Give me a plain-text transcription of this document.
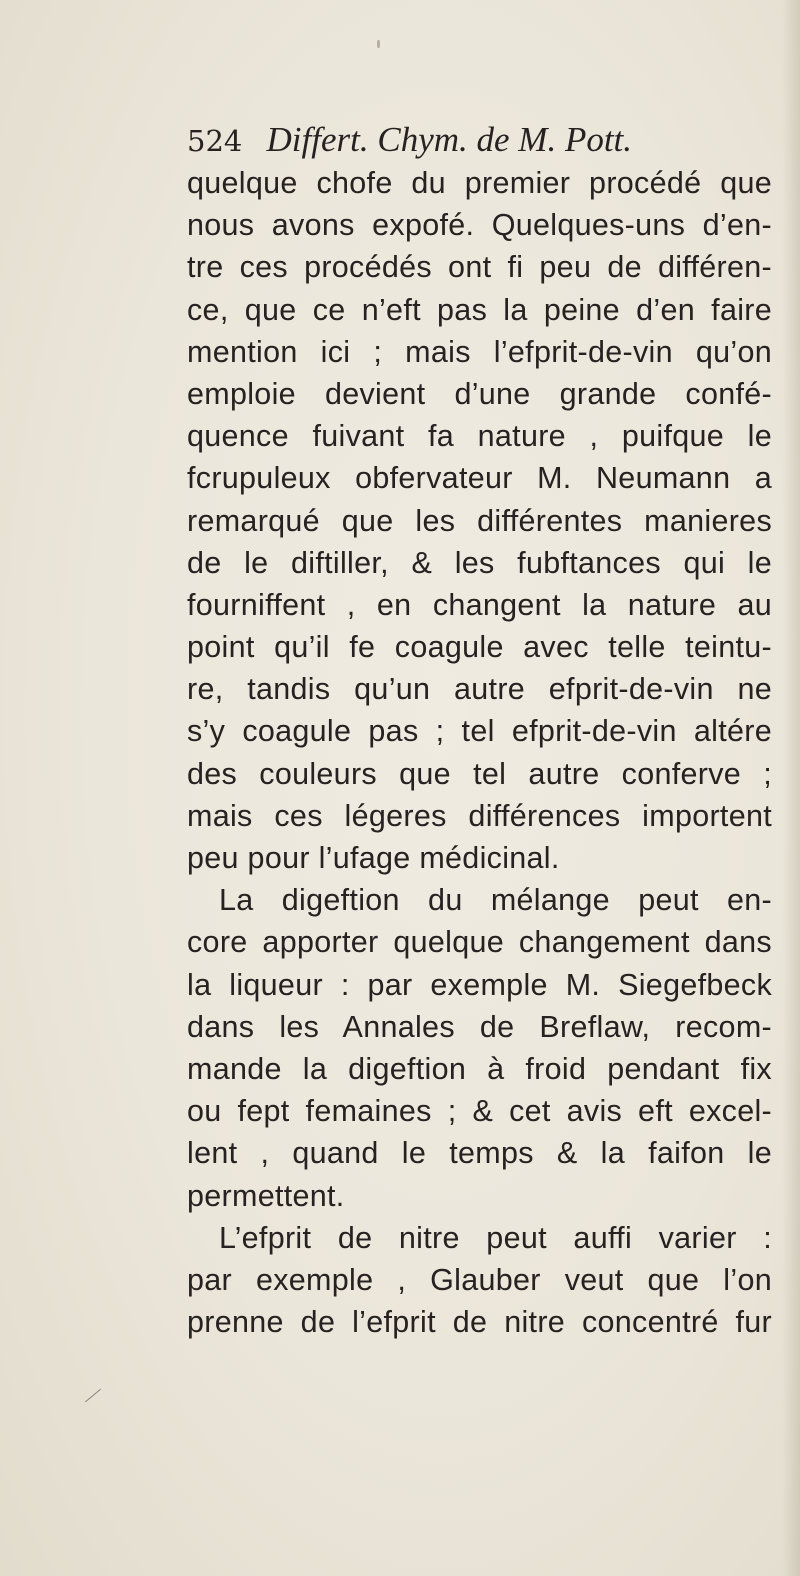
524 Differt. Chym. de M. Pott.
quelque chofe du premier procédé que
nous avons expofé. Quelques-uns d’en-
tre ces procédés ont fi peu de différen-
ce, que ce n’eft pas la peine d’en faire
mention ici ; mais l’efprit-de-vin qu’on
emploie devient d’une grande confé-
quence fuivant fa nature , puifque le
fcrupuleux obfervateur M. Neumann a
remarqué que les différentes manieres
de le diftiller, & les fubftances qui le
fourniffent , en changent la nature au
point qu’il fe coagule avec telle teintu-
re, tandis qu’un autre efprit-de-vin ne
s’y coagule pas ; tel efprit-de-vin altére
des couleurs que tel autre conferve ;
mais ces légeres différences importent
peu pour l’ufage médicinal.
La digeftion du mélange peut en-
core apporter quelque changement dans
la liqueur : par exemple M. Siegefbeck
dans les Annales de Breflaw, recom-
mande la digeftion à froid pendant fix
ou fept femaines ; & cet avis eft excel-
lent , quand le temps & la faifon le
permettent.
L’efprit de nitre peut auffi varier :
par exemple , Glauber veut que l’on
prenne de l’efprit de nitre concentré fur
